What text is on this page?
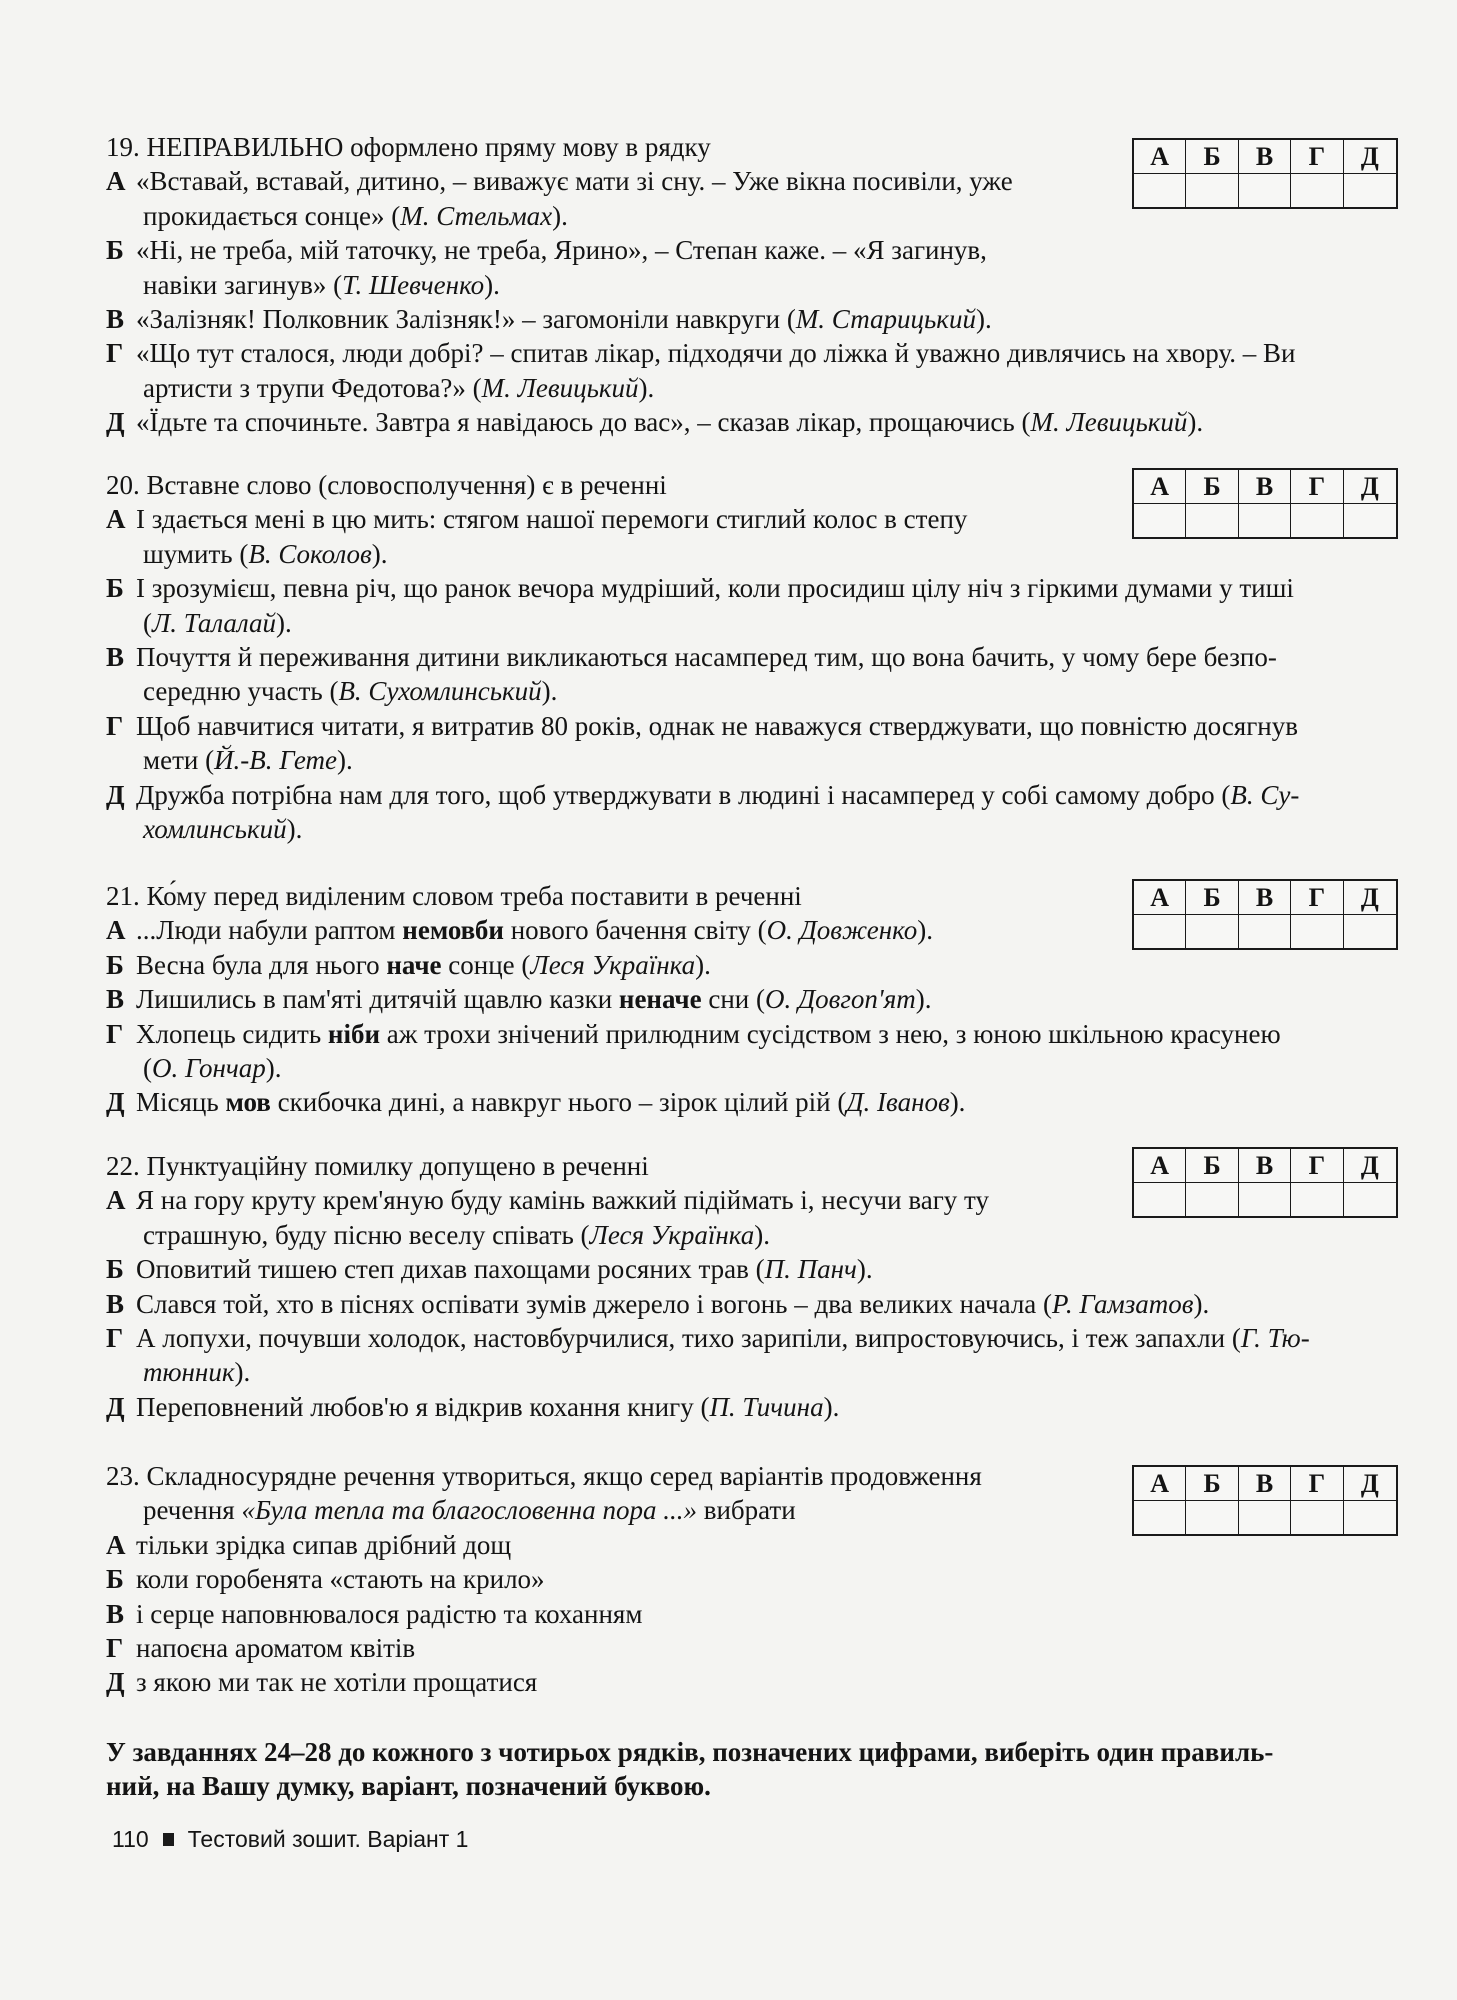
19. НЕПРАВИЛЬНО оформлено пряму мову в рядку
А «Вставай, вставай, дитино, – виважує мати зі сну. – Уже вікна посивіли, уже
прокидається сонце» (М. Стельмах).
Б «Ні, не треба, мій таточку, не треба, Ярино», – Степан каже. – «Я загинув,
навіки загинув» (Т. Шевченко).
В «Залізняк! Полковник Залізняк!» – загомоніли навкруги (М. Старицький).
Г «Що тут сталося, люди добрі? – спитав лікар, підходячи до ліжка й уважно дивлячись на хвору. – Ви
артисти з трупи Федотова?» (М. Левицький).
Д «Їдьте та спочиньте. Завтра я навідаюсь до вас», – сказав лікар, прощаючись (М. Левицький).
А	Б	В	Г	Д
20. Вставне слово (словосполучення) є в реченні
А І здається мені в цю мить: стягом нашої перемоги стиглий колос в степу
шумить (В. Соколов).
Б І зрозумієш, певна річ, що ранок вечора мудріший, коли просидиш цілу ніч з гіркими думами у тиші
(Л. Талалай).
В Почуття й переживання дитини викликаються насамперед тим, що вона бачить, у чому бере безпо-
середню участь (В. Сухомлинський).
Г Щоб навчитися читати, я витратив 80 років, однак не наважуся стверджувати, що повністю досягнув
мети (Й.-В. Гете).
Д Дружба потрібна нам для того, щоб утверджувати в людині і насамперед у собі самому добро (В. Су-
хомлинський).
А	Б	В	Г	Д
21. Ко́му перед виділеним словом треба поставити в реченні
А ...Люди набули раптом немовби нового бачення світу (О. Довженко).
Б Весна була для нього наче сонце (Леся Українка).
В Лишились в пам'яті дитячій щавлю казки неначе сни (О. Довгоп'ят).
Г Хлопець сидить ніби аж трохи знічений прилюдним сусідством з нею, з юною шкільною красунею
(О. Гончар).
Д Місяць мов скибочка дині, а навкруг нього – зірок цілий рій (Д. Іванов).
А	Б	В	Г	Д
22. Пунктуаційну помилку допущено в реченні
А Я на гору круту крем'яную буду камінь важкий підіймать і, несучи вагу ту
страшную, буду пісню веселу співать (Леся Українка).
Б Оповитий тишею степ дихав пахощами росяних трав (П. Панч).
В Слався той, хто в піснях оспівати зумів джерело і вогонь – два великих начала (Р. Гамзатов).
Г А лопухи, почувши холодок, настовбурчилися, тихо зарипіли, випростовуючись, і теж запахли (Г. Тю-
тюнник).
Д Переповнений любов'ю я відкрив кохання книгу (П. Тичина).
А	Б	В	Г	Д
23. Складносурядне речення утвориться, якщо серед варіантів продовження
речення «Була тепла та благословенна пора ...» вибрати
А тільки зрідка сипав дрібний дощ
Б коли горобенята «стають на крило»
В і серце наповнювалося радістю та коханням
Г напоєна ароматом квітів
Д з якою ми так не хотіли прощатися
А	Б	В	Г	Д
У завданнях 24–28 до кожного з чотирьох рядків, позначених цифрами, виберіть один правиль-
ний, на Вашу думку, варіант, позначений буквою.
110 Тестовий зошит. Варіант 1
